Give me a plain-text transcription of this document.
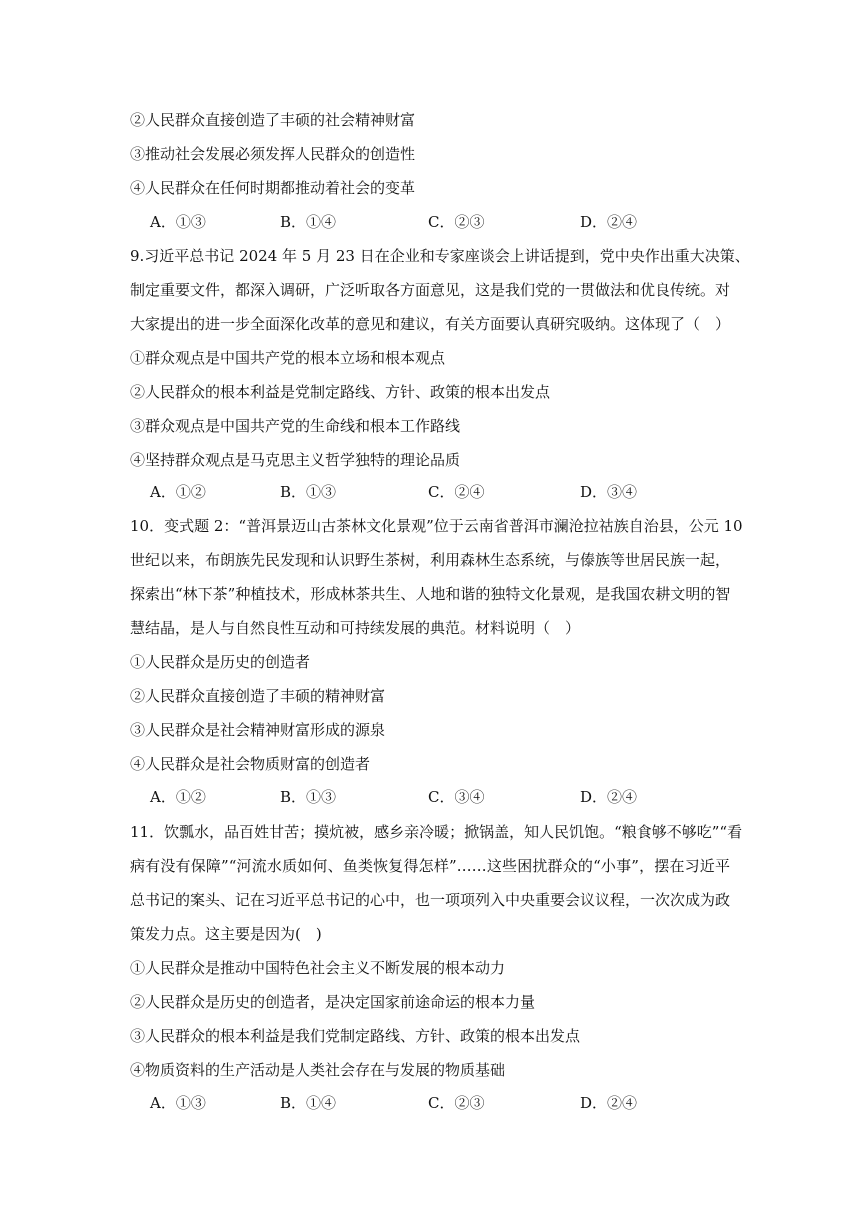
②人民群众直接创造了丰硕的社会精神财富
③推动社会发展必须发挥人民群众的创造性
④人民群众在任何时期都推动着社会的变革
A．①③	B．①④	C．②③	D．②④
9.习近平总书记 2024 年 5 月 23 日在企业和专家座谈会上讲话提到，党中央作出重大决策、
制定重要文件，都深入调研，广泛听取各方面意见，这是我们党的一贯做法和优良传统。对
大家提出的进一步全面深化改革的意见和建议，有关方面要认真研究吸纳。这体现了（　）
①群众观点是中国共产党的根本立场和根本观点
②人民群众的根本利益是党制定路线、方针、政策的根本出发点
③群众观点是中国共产党的生命线和根本工作路线
④坚持群众观点是马克思主义哲学独特的理论品质
A．①②	B．①③	C．②④	D．③④
10．变式题 2：“普洱景迈山古茶林文化景观”位于云南省普洱市澜沧拉祜族自治县，公元 10
世纪以来，布朗族先民发现和认识野生茶树，利用森林生态系统，与傣族等世居民族一起，
探索出“林下茶”种植技术，形成林茶共生、人地和谐的独特文化景观，是我国农耕文明的智
慧结晶，是人与自然良性互动和可持续发展的典范。材料说明（　）
①人民群众是历史的创造者
②人民群众直接创造了丰硕的精神财富
③人民群众是社会精神财富形成的源泉
④人民群众是社会物质财富的创造者
A．①②	B．①③	C．③④	D．②④
11．饮瓢水，品百姓甘苦；摸炕被，感乡亲冷暖；掀锅盖，知人民饥饱。“粮食够不够吃”“看
病有没有保障”“河流水质如何、鱼类恢复得怎样”……这些困扰群众的“小事”，摆在习近平
总书记的案头、记在习近平总书记的心中，也一项项列入中央重要会议议程，一次次成为政
策发力点。这主要是因为(　)
①人民群众是推动中国特色社会主义不断发展的根本动力
②人民群众是历史的创造者，是决定国家前途命运的根本力量
③人民群众的根本利益是我们党制定路线、方针、政策的根本出发点
④物质资料的生产活动是人类社会存在与发展的物质基础
A．①③	B．①④	C．②③	D．②④
